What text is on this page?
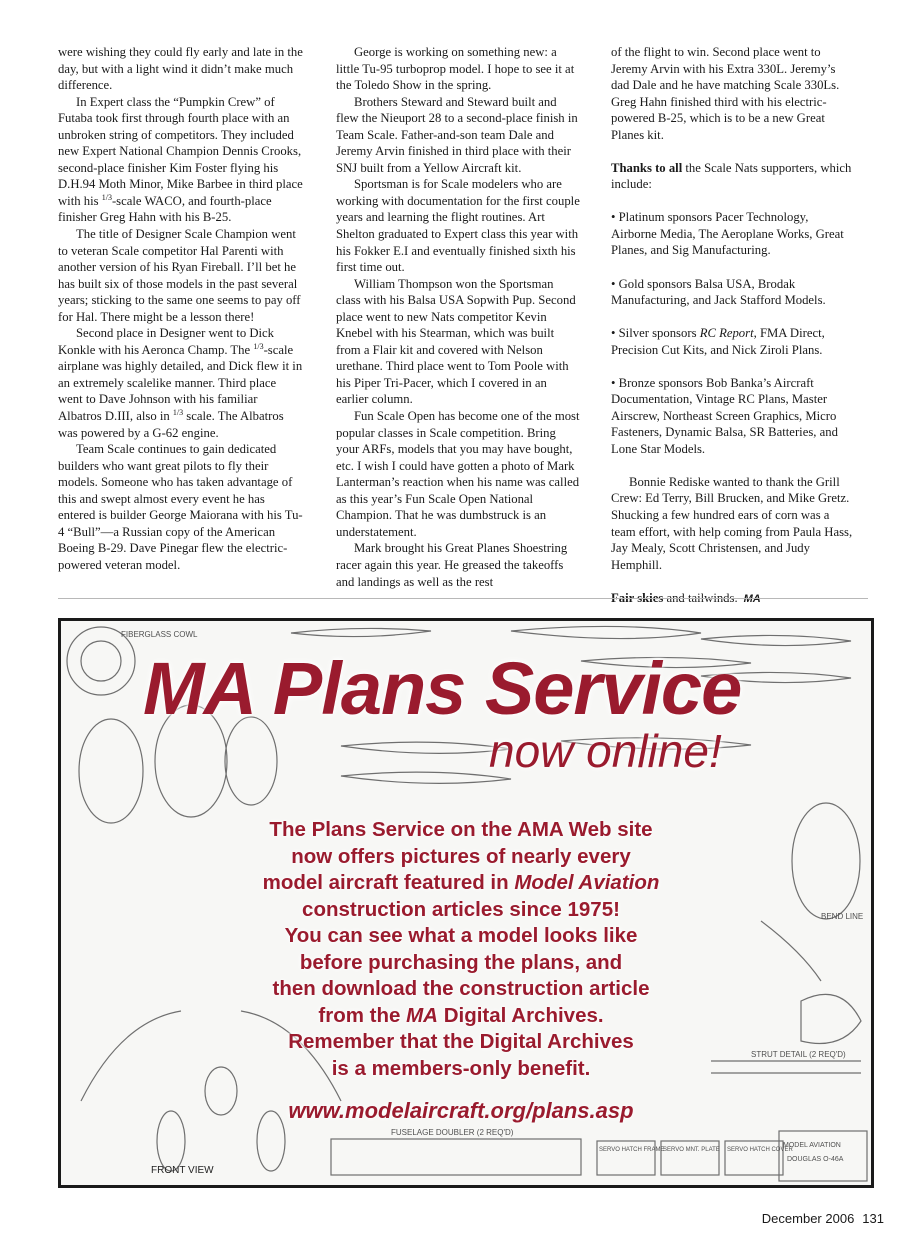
were wishing they could fly early and late in the day, but with a light wind it didn’t make much difference.

In Expert class the “Pumpkin Crew” of Futaba took first through fourth place with an unbroken string of competitors. They included new Expert National Champion Dennis Crooks, second-place finisher Kim Foster flying his D.H.94 Moth Minor, Mike Barbee in third place with his $^{1/3}$-scale WACO, and fourth-place finisher Greg Hahn with his B-25.

The title of Designer Scale Champion went to veteran Scale competitor Hal Parenti with another version of his Ryan Fireball. I’ll bet he has built six of those models in the past several years; sticking to the same one seems to pay off for Hal. There might be a lesson there!

Second place in Designer went to Dick Konkle with his Aeronca Champ. The $^{1/3}$-scale airplane was highly detailed, and Dick flew it in an extremely scalelike manner. Third place went to Dave Johnson with his familiar Albatros D.III, also in $^{1/3}$ scale. The Albatros was powered by a G-62 engine.

Team Scale continues to gain dedicated builders who want great pilots to fly their models. Someone who has taken advantage of this and swept almost every event he has entered is builder George Maiorana with his Tu-4 “Bull”—a Russian copy of the American Boeing B-29. Dave Pinegar flew the electric-powered veteran model.

George is working on something new: a little Tu-95 turboprop model. I hope to see it at the Toledo Show in the spring.

Brothers Steward and Steward built and flew the Nieuport 28 to a second-place finish in Team Scale. Father-and-son team Dale and Jeremy Arvin finished in third place with their SNJ built from a Yellow Aircraft kit.

Sportsman is for Scale modelers who are working with documentation for the first couple years and learning the flight routines. Art Shelton graduated to Expert class this year with his Fokker E.I and eventually finished sixth his first time out.

William Thompson won the Sportsman class with his Balsa USA Sopwith Pup. Second place went to new Nats competitor Kevin Knebel with his Stearman, which was built from a Flair kit and covered with Nelson urethane. Third place went to Tom Poole with his Piper Tri-Pacer, which I covered in an earlier column.

Fun Scale Open has become one of the most popular classes in Scale competition. Bring your ARFs, models that you may have bought, etc. I wish I could have gotten a photo of Mark Lanterman’s reaction when his name was called as this year’s Fun Scale Open National Champion. That he was dumbstruck is an understatement.

Mark brought his Great Planes Shoestring racer again this year. He greased the takeoffs and landings as well as the rest

of the flight to win. Second place went to Jeremy Arvin with his Extra 330L. Jeremy’s dad Dale and he have matching Scale 330Ls. Greg Hahn finished third with his electric-powered B-25, which is to be a new Great Planes kit.

Thanks to all the Scale Nats supporters, which include:

• Platinum sponsors Pacer Technology, Airborne Media, The Aeroplane Works, Great Planes, and Sig Manufacturing.

• Gold sponsors Balsa USA, Brodak Manufacturing, and Jack Stafford Models.

• Silver sponsors RC Report, FMA Direct, Precision Cut Kits, and Nick Ziroli Plans.

• Bronze sponsors Bob Banka’s Aircraft Documentation, Vintage RC Plans, Master Airscrew, Northeast Screen Graphics, Micro Fasteners, Dynamic Balsa, SR Batteries, and Lone Star Models.

Bonnie Rediske wanted to thank the Grill Crew: Ed Terry, Bill Brucken, and Mike Gretz. Shucking a few hundred ears of corn was a team effort, with help coming from Paula Hass, Jay Mealy, Scott Christensen, and Judy Hemphill.

Fair skies and tailwinds. MA

FIBERGLASS COWL
BEND LINE
STRUT DETAIL (2 REQ'D)
FUSELAGE DOUBLER (2 REQ'D)
SERVO HATCH FRAME
SERVO MNT. PLATE SERVO HATCH COVER
MODEL AVIATION
DOUGLAS O-46A
FRONT VIEW
MA Plans Service
now online!
The Plans Service on the AMA Web site
now offers pictures of nearly every
model aircraft featured in Model Aviation
construction articles since 1975!
You can see what a model looks like
before purchasing the plans, and
then download the construction article
from the MA Digital Archives.
Remember that the Digital Archives
is a members-only benefit.
www.modelaircraft.org/plans.asp
December 2006 131
